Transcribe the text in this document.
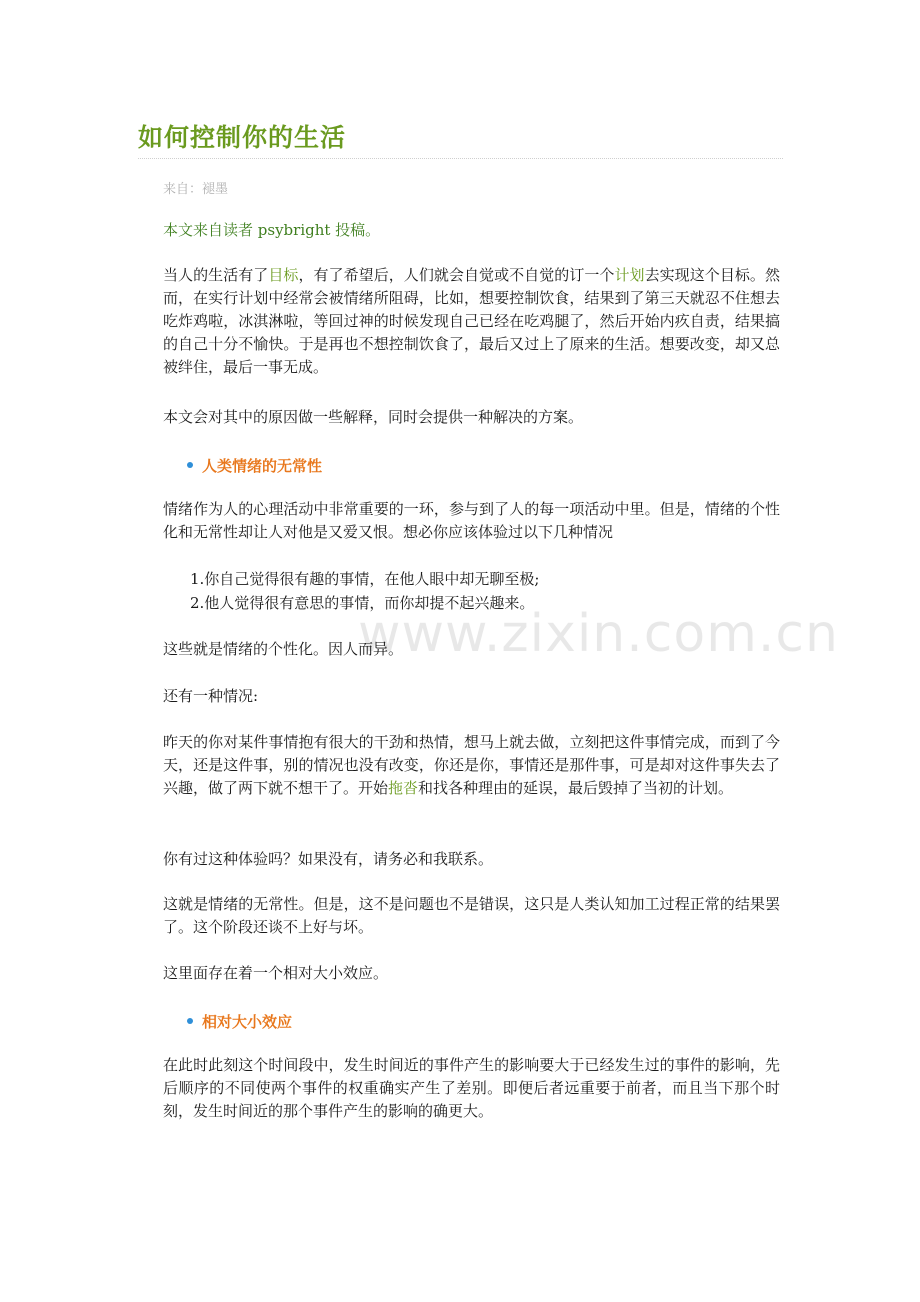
如何控制你的生活
来自：褪墨
本文来自读者 psybright 投稿。
当人的生活有了目标，有了希望后，人们就会自觉或不自觉的订一个计划去实现这个目标。然而，在实行计划中经常会被情绪所阻碍，比如，想要控制饮食，结果到了第三天就忍不住想去吃炸鸡啦，冰淇淋啦，等回过神的时候发现自己已经在吃鸡腿了，然后开始内疚自责，结果搞的自己十分不愉快。于是再也不想控制饮食了，最后又过上了原来的生活。想要改变，却又总被绊住，最后一事无成。
本文会对其中的原因做一些解释，同时会提供一种解决的方案。
人类情绪的无常性
情绪作为人的心理活动中非常重要的一环，参与到了人的每一项活动中里。但是，情绪的个性化和无常性却让人对他是又爱又恨。想必你应该体验过以下几种情况
1.你自己觉得很有趣的事情，在他人眼中却无聊至极;
2.他人觉得很有意思的事情，而你却提不起兴趣来。
这些就是情绪的个性化。因人而异。
还有一种情况:
昨天的你对某件事情抱有很大的干劲和热情，想马上就去做，立刻把这件事情完成，而到了今天，还是这件事，别的情况也没有改变，你还是你，事情还是那件事，可是却对这件事失去了兴趣，做了两下就不想干了。开始拖沓和找各种理由的延误，最后毁掉了当初的计划。
你有过这种体验吗？如果没有，请务必和我联系。
这就是情绪的无常性。但是，这不是问题也不是错误，这只是人类认知加工过程正常的结果罢了。这个阶段还谈不上好与坏。
这里面存在着一个相对大小效应。
相对大小效应
在此时此刻这个时间段中，发生时间近的事件产生的影响要大于已经发生过的事件的影响，先后顺序的不同使两个事件的权重确实产生了差别。即便后者远重要于前者，而且当下那个时刻，发生时间近的那个事件产生的影响的确更大。
www.zixin.com.cn
